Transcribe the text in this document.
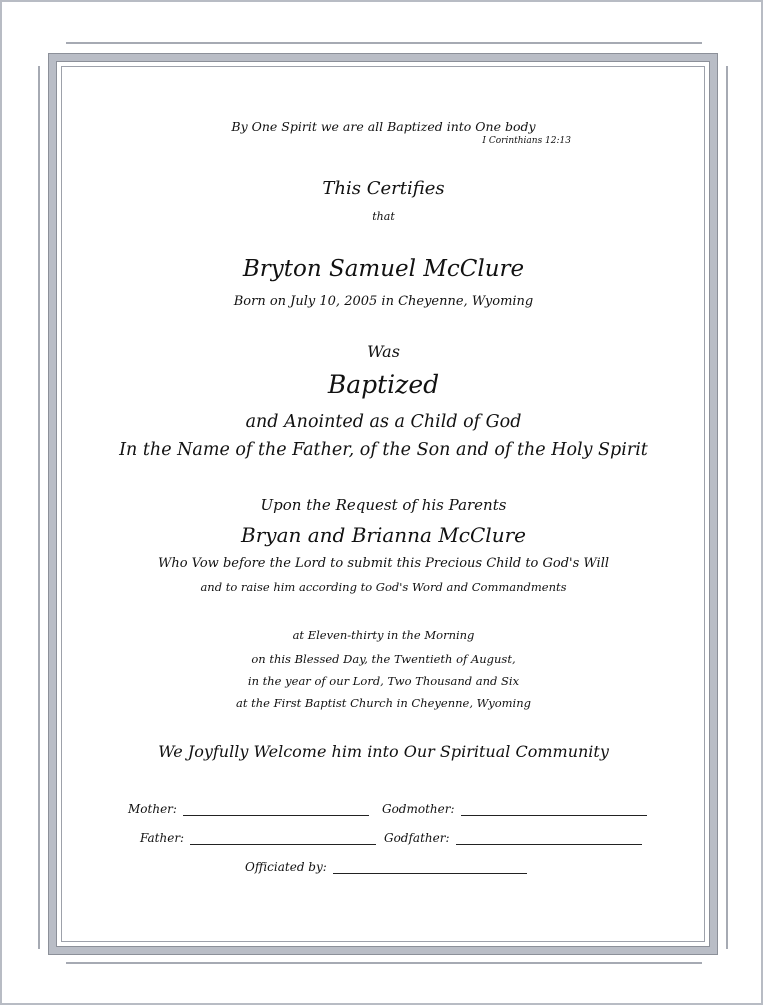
By One Spirit we are all Baptized into One body
I Corinthians 12:13
This Certifies
that
Bryton Samuel McClure
Born on July 10, 2005 in Cheyenne, Wyoming
Was
Baptized
and Anointed as a Child of God
In the Name of the Father, of the Son and of the Holy Spirit
Upon the Request of his Parents
Bryan and Brianna McClure
Who Vow before the Lord to submit this Precious Child to God's Will
and to raise him according to God's Word and Commandments
at Eleven-thirty in the Morning
on this Blessed Day, the Twentieth of August,
in the year of our Lord, Two Thousand and Six
at the First Baptist Church in Cheyenne, Wyoming
We Joyfully Welcome him into Our Spiritual Community
Mother:	Godmother:
Father:	Godfather:
Officiated by:
